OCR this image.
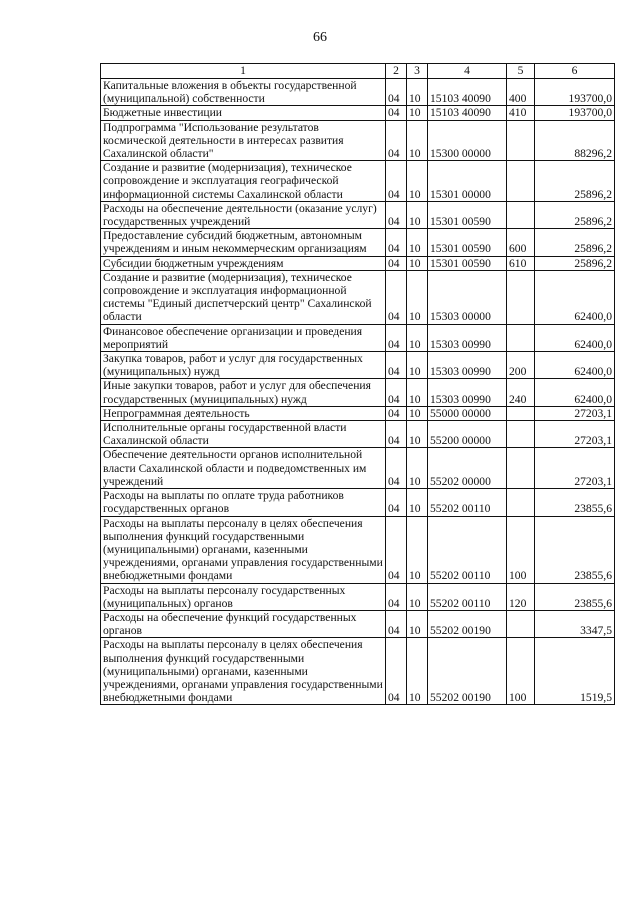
66
1	2	3	4	5	6
Капитальные вложения в объекты государственной (муниципальной) собственности	04	10	15103 40090	400	193700,0
Бюджетные инвестиции	04	10	15103 40090	410	193700,0
Подпрограмма "Использование результатов космической деятельности в интересах развития Сахалинской области"	04	10	15300 00000		88296,2
Создание и развитие (модернизация), техническое сопровождение и эксплуатация географической информационной системы Сахалинской области	04	10	15301 00000		25896,2
Расходы на обеспечение деятельности (оказание услуг) государственных учреждений	04	10	15301 00590		25896,2
Предоставление субсидий бюджетным, автономным учреждениям и иным некоммерческим организациям	04	10	15301 00590	600	25896,2
Субсидии бюджетным учреждениям	04	10	15301 00590	610	25896,2
Создание и развитие (модернизация), техническое сопровождение и эксплуатация информационной системы "Единый диспетчерский центр" Сахалинской области	04	10	15303 00000		62400,0
Финансовое обеспечение организации и проведения мероприятий	04	10	15303 00990		62400,0
Закупка товаров, работ и услуг для государственных (муниципальных) нужд	04	10	15303 00990	200	62400,0
Иные закупки товаров, работ и услуг для обеспечения государственных (муниципальных) нужд	04	10	15303 00990	240	62400,0
Непрограммная деятельность	04	10	55000 00000		27203,1
Исполнительные органы государственной власти Сахалинской области	04	10	55200 00000		27203,1
Обеспечение деятельности органов исполнительной власти Сахалинской области и подведомственных им учреждений	04	10	55202 00000		27203,1
Расходы на выплаты по оплате труда работников государственных органов	04	10	55202 00110		23855,6
Расходы на выплаты персоналу в целях обеспечения выполнения функций государственными (муниципальными) органами, казенными учреждениями, органами управления государственными внебюджетными фондами	04	10	55202 00110	100	23855,6
Расходы на выплаты персоналу государственных (муниципальных) органов	04	10	55202 00110	120	23855,6
Расходы на обеспечение функций государственных органов	04	10	55202 00190		3347,5
Расходы на выплаты персоналу в целях обеспечения выполнения функций государственными (муниципальными) органами, казенными учреждениями, органами управления государственными внебюджетными фондами	04	10	55202 00190	100	1519,5
